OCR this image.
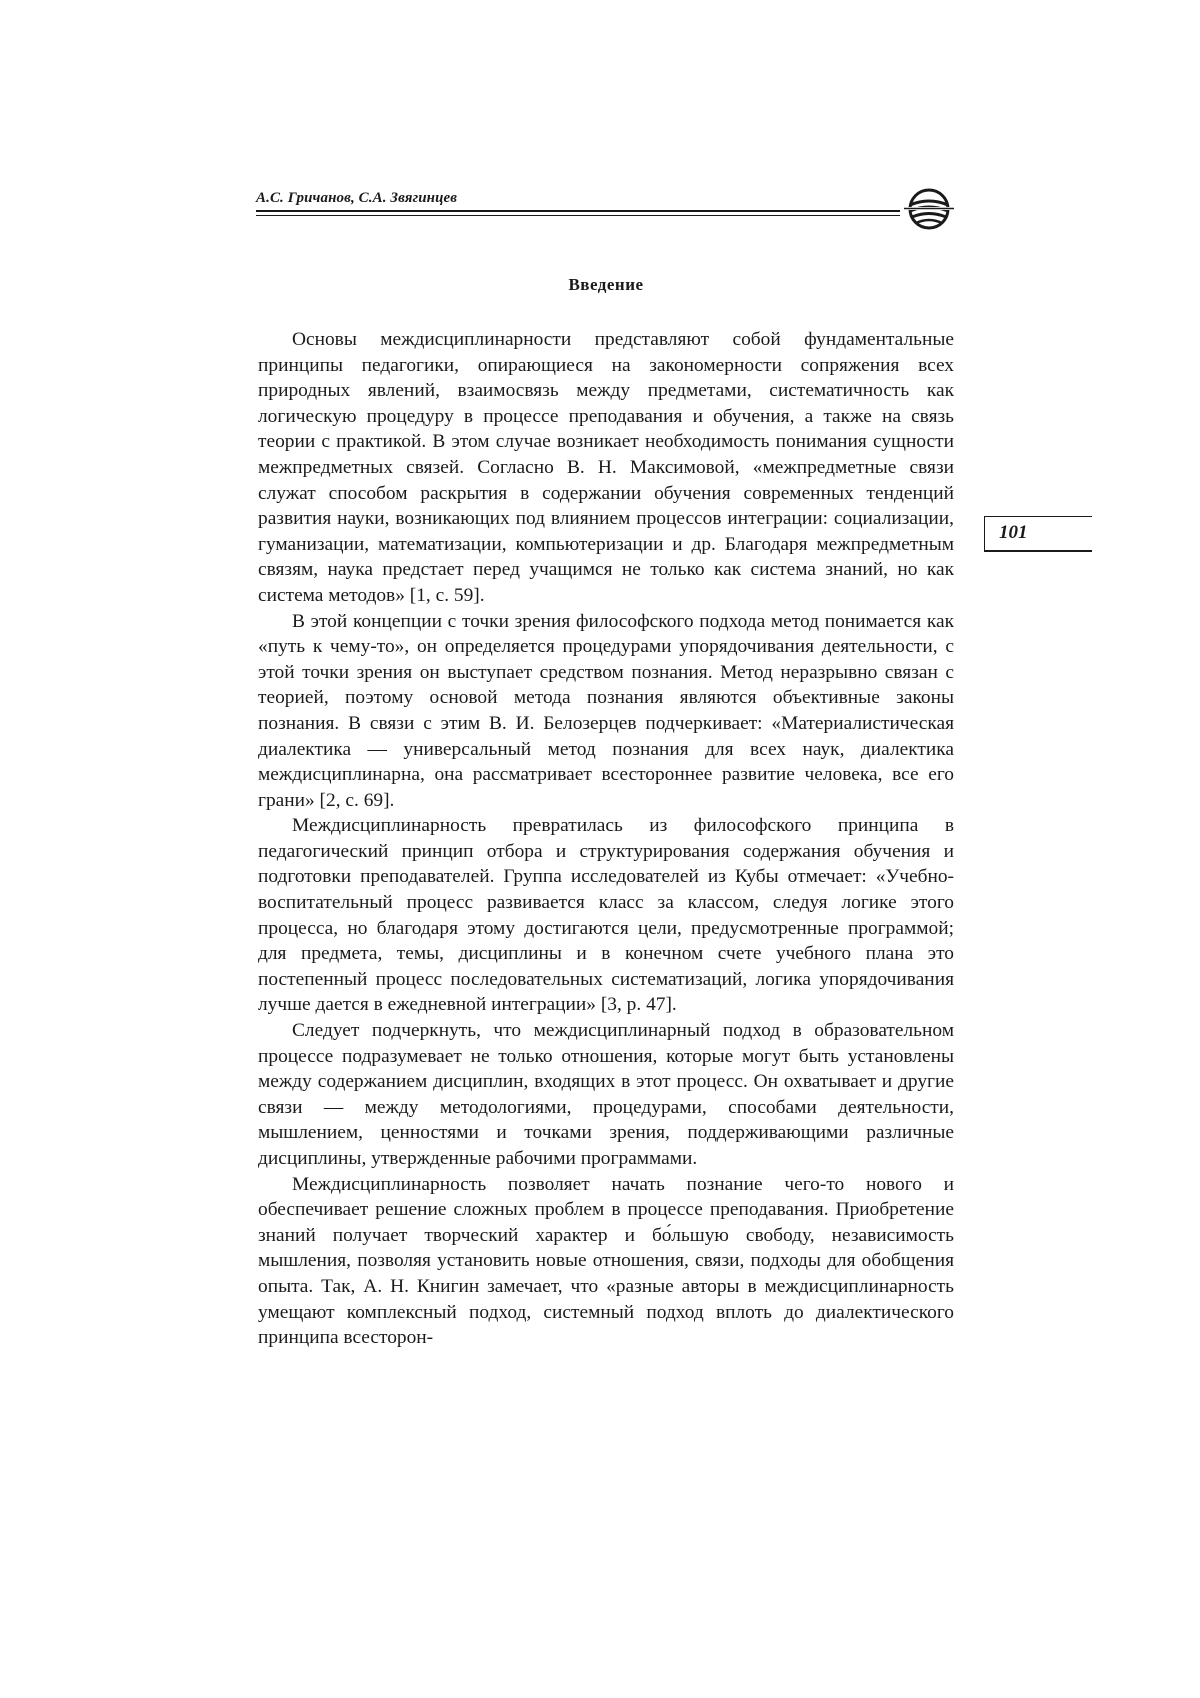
А.С. Гричанов, С.А. Звягинцев
Введение

Основы междисциплинарности представляют собой фундаментальные принципы педагогики, опирающиеся на закономерности сопряжения всех природных явлений, взаимосвязь между предметами, систематичность как логическую процедуру в процессе преподавания и обучения, а также на связь теории с практикой. В этом случае возникает необходимость понимания сущности межпредметных связей. Согласно В. Н. Максимовой, «межпредметные связи служат способом раскрытия в содержании обучения современных тенденций развития науки, возникающих под влиянием процессов интеграции: социализации, гуманизации, математизации, компьютеризации и др. Благодаря межпредметным связям, наука предстает перед учащимся не только как система знаний, но как система методов» [1, с. 59].

В этой концепции с точки зрения философского подхода метод понимается как «путь к чему-то», он определяется процедурами упорядочивания деятельности, с этой точки зрения он выступает средством познания. Метод неразрывно связан с теорией, поэтому основой метода познания являются объективные законы познания. В связи с этим В. И. Белозерцев подчеркивает: «Материалистическая диалектика — универсальный метод познания для всех наук, диалектика междисциплинарна, она рассматривает всестороннее развитие человека, все его грани» [2, с. 69].

Междисциплинарность превратилась из философского принципа в педагогический принцип отбора и структурирования содержания обучения и подготовки преподавателей. Группа исследователей из Кубы отмечает: «Учебно-воспитательный процесс развивается класс за классом, следуя логике этого процесса, но благодаря этому достигаются цели, предусмотренные программой; для предмета, темы, дисциплины и в конечном счете учебного плана это постепенный процесс последовательных систематизаций, логика упорядочивания лучше дается в ежедневной интеграции» [3, p. 47].

Следует подчеркнуть, что междисциплинарный подход в образовательном процессе подразумевает не только отношения, которые могут быть установлены между содержанием дисциплин, входящих в этот процесс. Он охватывает и другие связи — между методологиями, процедурами, способами деятельности, мышлением, ценностями и точками зрения, поддерживающими различные дисциплины, утвержденные рабочими программами.

Междисциплинарность позволяет начать познание чего-то нового и обеспечивает решение сложных проблем в процессе преподавания. Приобретение знаний получает творческий характер и бо́льшую свободу, независимость мышления, позволяя установить новые отношения, связи, подходы для обобщения опыта. Так, А. Н. Книгин замечает, что «разные авторы в междисциплинарность умещают комплексный подход, системный подход вплоть до диалектического принципа всесторон-

101
